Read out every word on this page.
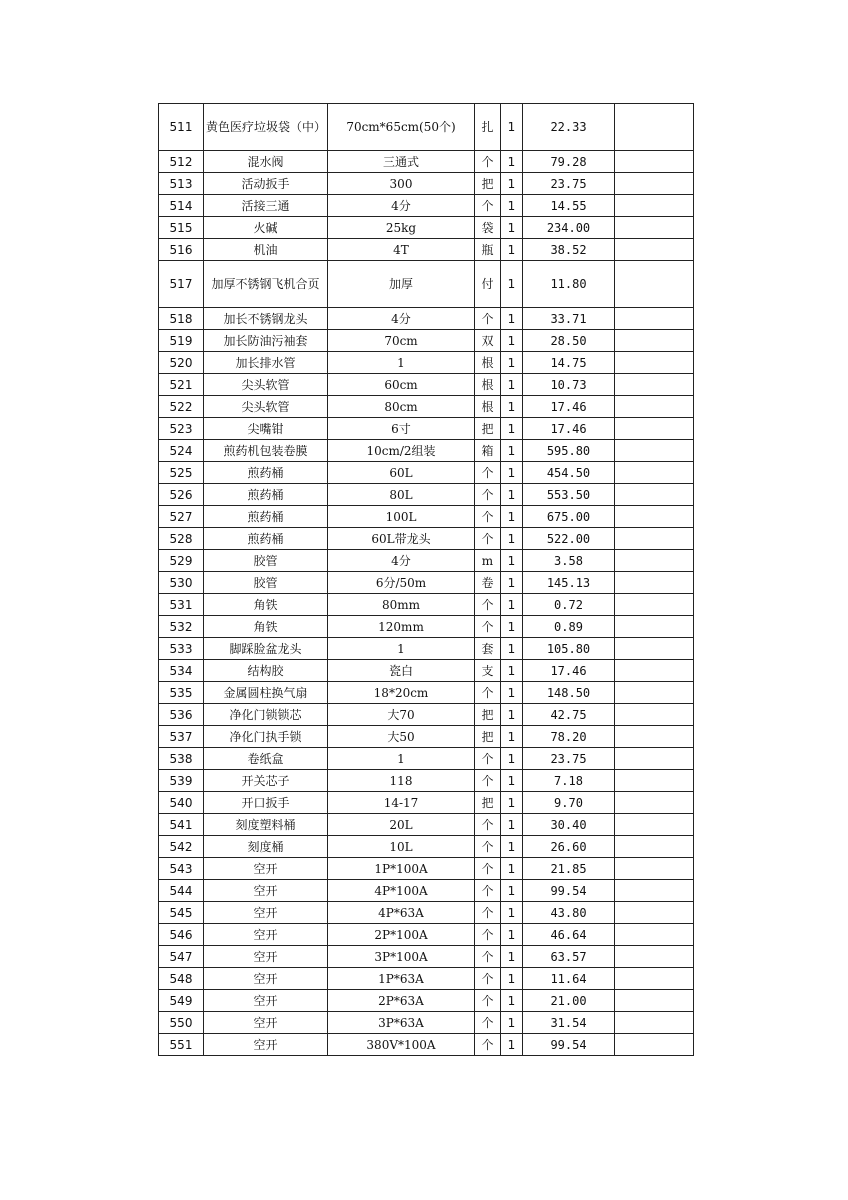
511	黄色医疗垃圾袋（中）	70cm*65cm(50个)	扎	1	22.33	
512	混水阀	三通式	个	1	79.28	
513	活动扳手	300	把	1	23.75	
514	活接三通	4分	个	1	14.55	
515	火碱	25kg	袋	1	234.00	
516	机油	4T	瓶	1	38.52	
517	加厚不锈钢飞机合页	加厚	付	1	11.80	
518	加长不锈钢龙头	4分	个	1	33.71	
519	加长防油污袖套	70cm	双	1	28.50	
520	加长排水管	1	根	1	14.75	
521	尖头软管	60cm	根	1	10.73	
522	尖头软管	80cm	根	1	17.46	
523	尖嘴钳	6寸	把	1	17.46	
524	煎药机包装卷膜	10cm/2组装	箱	1	595.80	
525	煎药桶	60L	个	1	454.50	
526	煎药桶	80L	个	1	553.50	
527	煎药桶	100L	个	1	675.00	
528	煎药桶	60L带龙头	个	1	522.00	
529	胶管	4分	m	1	3.58	
530	胶管	6分/50m	卷	1	145.13	
531	角铁	80mm	个	1	0.72	
532	角铁	120mm	个	1	0.89	
533	脚踩脸盆龙头	1	套	1	105.80	
534	结构胶	瓷白	支	1	17.46	
535	金属圆柱换气扇	18*20cm	个	1	148.50	
536	净化门锁锁芯	大70	把	1	42.75	
537	净化门执手锁	大50	把	1	78.20	
538	卷纸盒	1	个	1	23.75	
539	开关芯子	118	个	1	7.18	
540	开口扳手	14-17	把	1	9.70	
541	刻度塑料桶	20L	个	1	30.40	
542	刻度桶	10L	个	1	26.60	
543	空开	1P*100A	个	1	21.85	
544	空开	4P*100A	个	1	99.54	
545	空开	4P*63A	个	1	43.80	
546	空开	2P*100A	个	1	46.64	
547	空开	3P*100A	个	1	63.57	
548	空开	1P*63A	个	1	11.64	
549	空开	2P*63A	个	1	21.00	
550	空开	3P*63A	个	1	31.54	
551	空开	380V*100A	个	1	99.54	
